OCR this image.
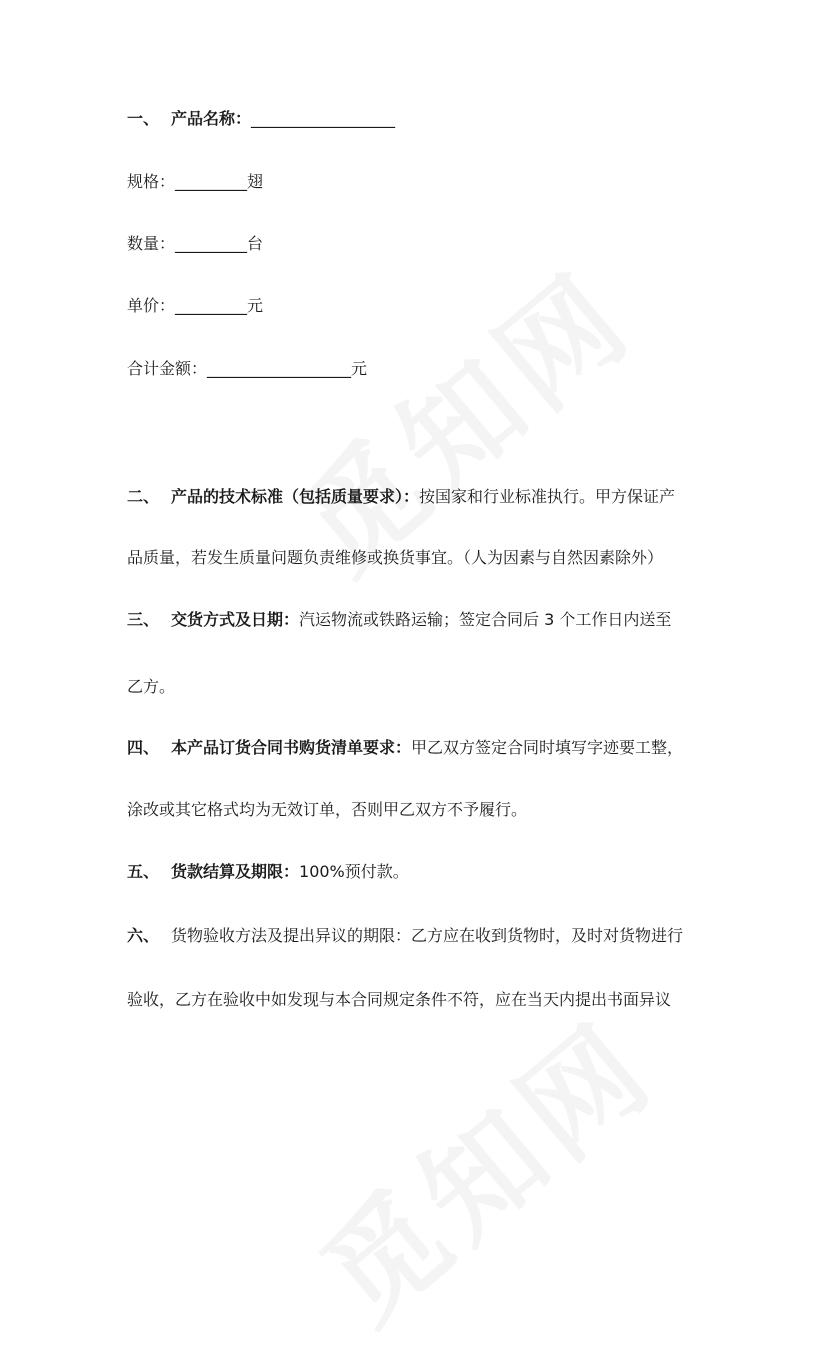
一、 产品名称：__________________
规格：_________翅
数量：_________台
单价：_________元
合计金额：__________________元
二、 产品的技术标准（包括质量要求）：按国家和行业标准执行。甲方保证产
品质量，若发生质量问题负责维修或换货事宜。（人为因素与自然因素除外）
三、 交货方式及日期：汽运物流或铁路运输；签定合同后 3 个工作日内送至
乙方。
四、 本产品订货合同书购货清单要求：甲乙双方签定合同时填写字迹要工整，
涂改或其它格式均为无效订单，否则甲乙双方不予履行。
五、 货款结算及期限：100%预付款。
六、 货物验收方法及提出异议的期限：乙方应在收到货物时，及时对货物进行
验收，乙方在验收中如发现与本合同规定条件不符，应在当天内提出书面异议
